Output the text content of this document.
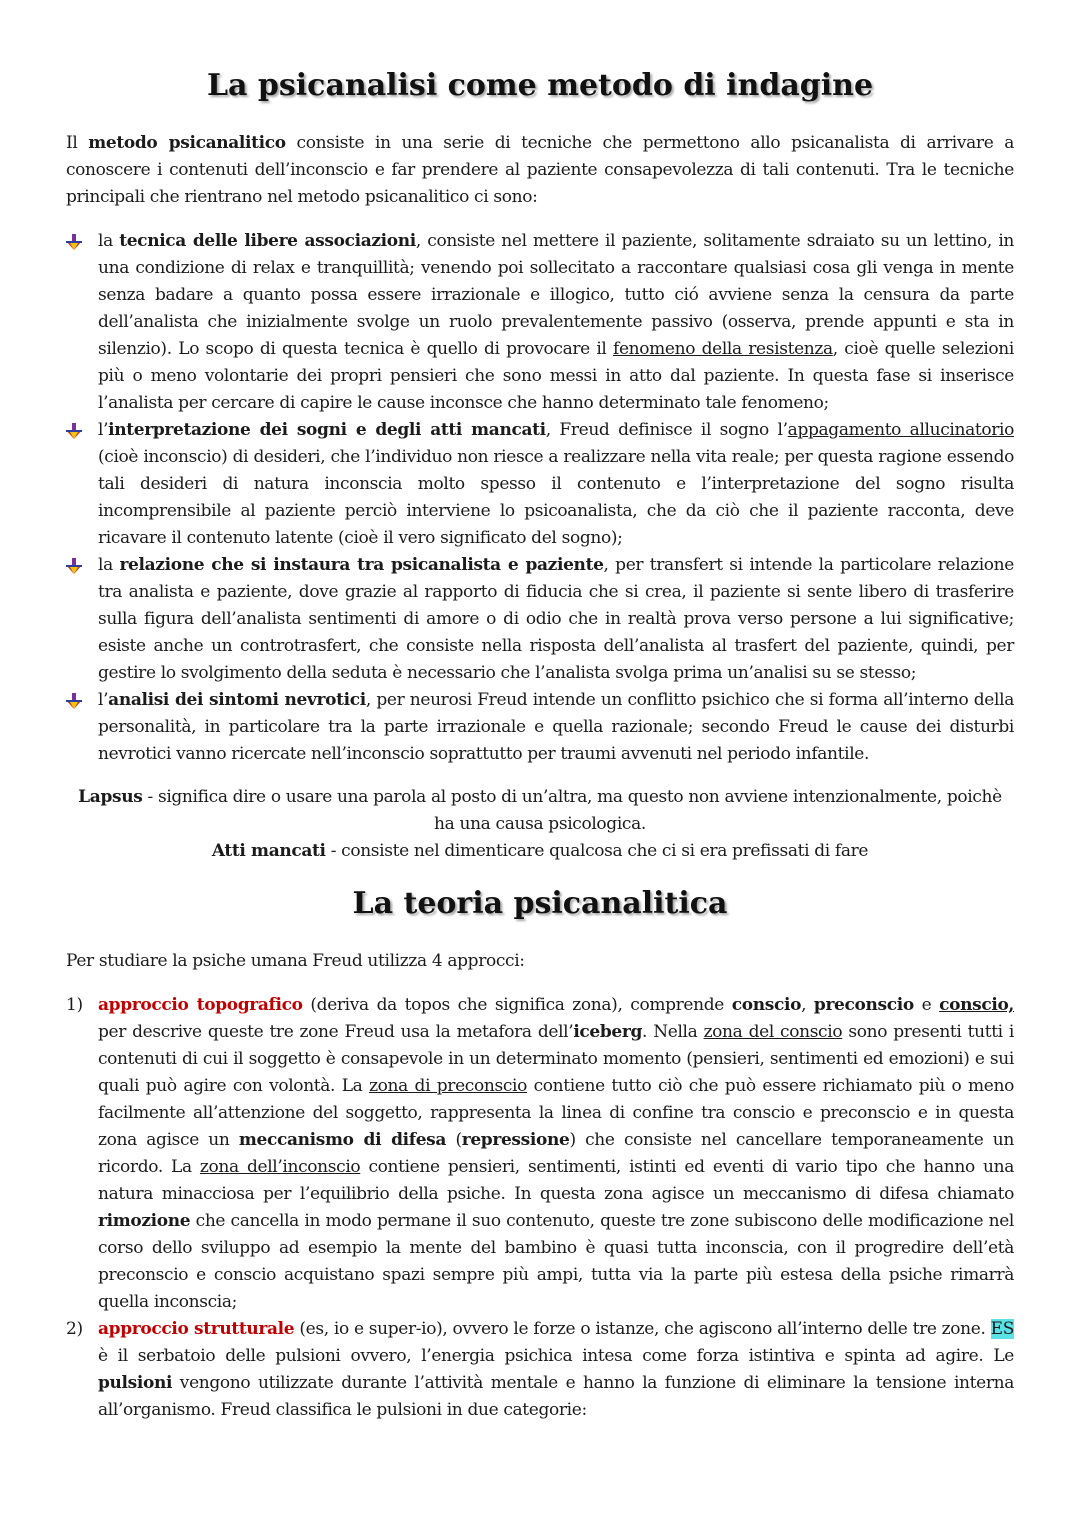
La psicanalisi come metodo di indagine

Il metodo psicanalitico consiste in una serie di tecniche che permettono allo psicanalista di arrivare a conoscere i contenuti dell’inconscio e far prendere al paziente consapevolezza di tali contenuti. Tra le tecniche principali che rientrano nel metodo psicanalitico ci sono:

la tecnica delle libere associazioni, consiste nel mettere il paziente, solitamente sdraiato su un lettino, in una condizione di relax e tranquillità; venendo poi sollecitato a raccontare qualsiasi cosa gli venga in mente senza badare a quanto possa essere irrazionale e illogico, tutto ció avviene senza la censura da parte dell’analista che inizialmente svolge un ruolo prevalentemente passivo (osserva, prende appunti e sta in silenzio). Lo scopo di questa tecnica è quello di provocare il fenomeno della resistenza, cioè quelle selezioni più o meno volontarie dei propri pensieri che sono messi in atto dal paziente. In questa fase si inserisce l’analista per cercare di capire le cause inconsce che hanno determinato tale fenomeno;
l’interpretazione dei sogni e degli atti mancati, Freud definisce il sogno l’appagamento allucinatorio (cioè inconscio) di desideri, che l’individuo non riesce a realizzare nella vita reale; per questa ragione essendo tali desideri di natura inconscia molto spesso il contenuto e l’interpretazione del sogno risulta incomprensibile al paziente perciò interviene lo psicoanalista, che da ciò che il paziente racconta, deve ricavare il contenuto latente (cioè il vero significato del sogno);
la relazione che si instaura tra psicanalista e paziente, per transfert si intende la particolare relazione tra analista e paziente, dove grazie al rapporto di fiducia che si crea, il paziente si sente libero di trasferire sulla figura dell’analista sentimenti di amore o di odio che in realtà prova verso persone a lui significative; esiste anche un controtrasfert, che consiste nella risposta dell’analista al trasfert del paziente, quindi, per gestire lo svolgimento della seduta è necessario che l’analista svolga prima un’analisi su se stesso;
l’analisi dei sintomi nevrotici, per neurosi Freud intende un conflitto psichico che si forma all’interno della personalità, in particolare tra la parte irrazionale e quella razionale; secondo Freud le cause dei disturbi nevrotici vanno ricercate nell’inconscio soprattutto per traumi avvenuti nel periodo infantile.
Lapsus - significa dire o usare una parola al posto di un’altra, ma questo non avviene intenzionalmente, poichè ha una causa psicologica.
Atti mancati - consiste nel dimenticare qualcosa che ci si era prefissati di fare
La teoria psicanalitica

Per studiare la psiche umana Freud utilizza 4 approcci:

1) approccio topografico (deriva da topos che significa zona), comprende conscio, preconscio e conscio, per descrive queste tre zone Freud usa la metafora dell’iceberg. Nella zona del conscio sono presenti tutti i contenuti di cui il soggetto è consapevole in un determinato momento (pensieri, sentimenti ed emozioni) e sui quali può agire con volontà. La zona di preconscio contiene tutto ciò che può essere richiamato più o meno facilmente all’attenzione del soggetto, rappresenta la linea di confine tra conscio e preconscio e in questa zona agisce un meccanismo di difesa (repressione) che consiste nel cancellare temporaneamente un ricordo. La zona dell’inconscio contiene pensieri, sentimenti, istinti ed eventi di vario tipo che hanno una natura minacciosa per l’equilibrio della psiche. In questa zona agisce un meccanismo di difesa chiamato rimozione che cancella in modo permane il suo contenuto, queste tre zone subiscono delle modificazione nel corso dello sviluppo ad esempio la mente del bambino è quasi tutta inconscia, con il progredire dell’età preconscio e conscio acquistano spazi sempre più ampi, tutta via la parte più estesa della psiche rimarrà quella inconscia;
2) approccio strutturale (es, io e super-io), ovvero le forze o istanze, che agiscono all’interno delle tre zone. ES è il serbatoio delle pulsioni ovvero, l’energia psichica intesa come forza istintiva e spinta ad agire. Le pulsioni vengono utilizzate durante l’attività mentale e hanno la funzione di eliminare la tensione interna all’organismo. Freud classifica le pulsioni in due categorie:
